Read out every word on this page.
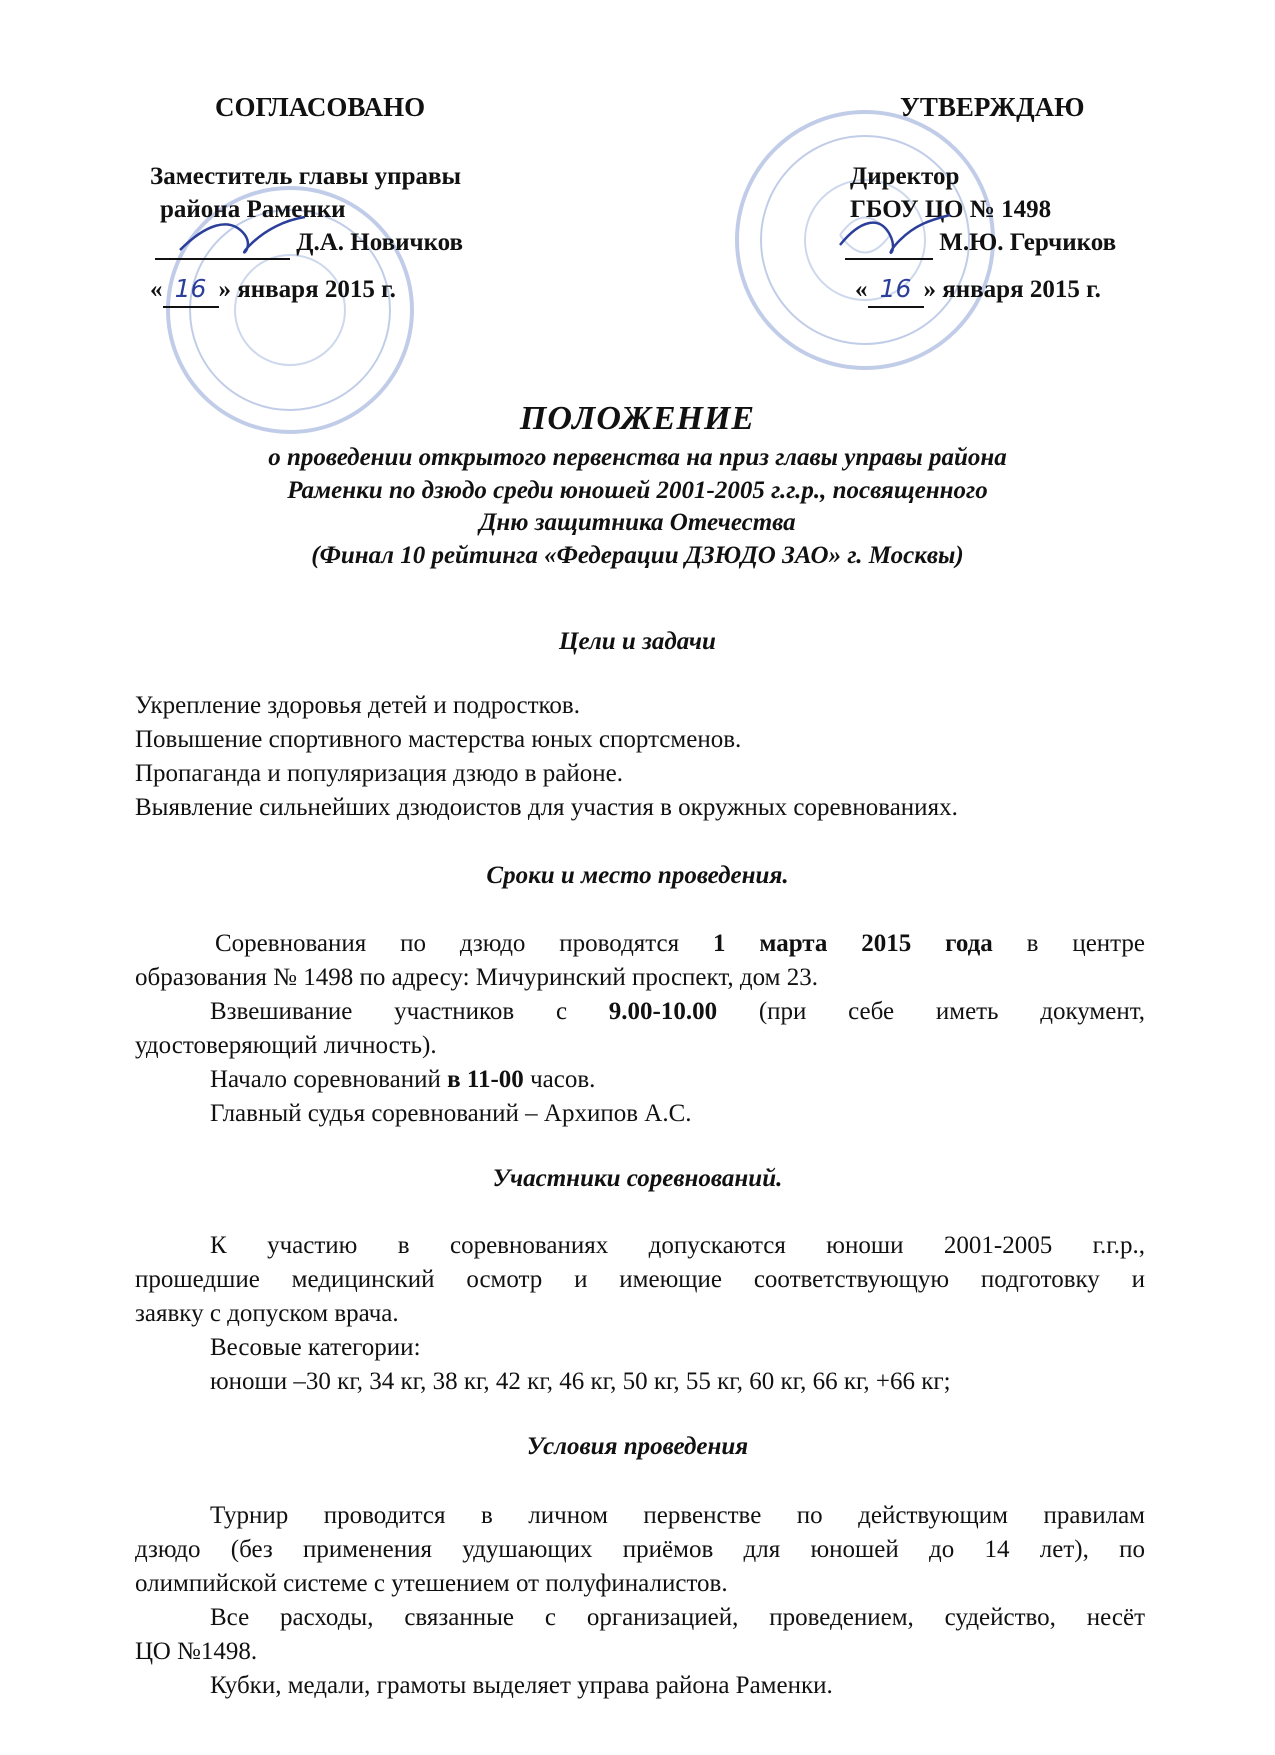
СОГЛАСОВАНО
Заместитель главы управы
района Раменки
Д.А. Новичков
« 16 » января 2015 г.
УТВЕРЖДАЮ
Директор
ГБОУ ЦО № 1498
М.Ю. Герчиков
« 16 » января 2015 г.
ПОЛОЖЕНИЕ
о проведении открытого первенства на приз главы управы района
Раменки по дзюдо среди юношей 2001-2005 г.г.р., посвященного
Дню защитника Отечества
(Финал 10 рейтинга «Федерации ДЗЮДО ЗАО» г. Москвы)
Цели и задачи
Укрепление здоровья детей и подростков.
Повышение спортивного мастерства юных спортсменов.
Пропаганда и популяризация дзюдо в районе.
Выявление сильнейших дзюдоистов для участия в окружных соревнованиях.
Сроки и место проведения.
Соревнования по дзюдо проводятся 1 марта 2015 года в центре
образования № 1498 по адресу: Мичуринский проспект, дом 23.
Взвешивание участников с 9.00-10.00 (при себе иметь документ,
удостоверяющий личность).
Начало соревнований в 11-00 часов.
Главный судья соревнований – Архипов А.С.
Участники соревнований.
К участию в соревнованиях допускаются юноши 2001-2005 г.г.р.,
прошедшие медицинский осмотр и имеющие соответствующую подготовку и
заявку с допуском врача.
Весовые категории:
юноши –30 кг, 34 кг, 38 кг, 42 кг, 46 кг, 50 кг, 55 кг, 60 кг, 66 кг, +66 кг;
Условия проведения
Турнир проводится в личном первенстве по действующим правилам
дзюдо (без применения удушающих приёмов для юношей до 14 лет), по
олимпийской системе с утешением от полуфиналистов.
Все расходы, связанные с организацией, проведением, судейство, несёт
ЦО №1498.
Кубки, медали, грамоты выделяет управа района Раменки.
